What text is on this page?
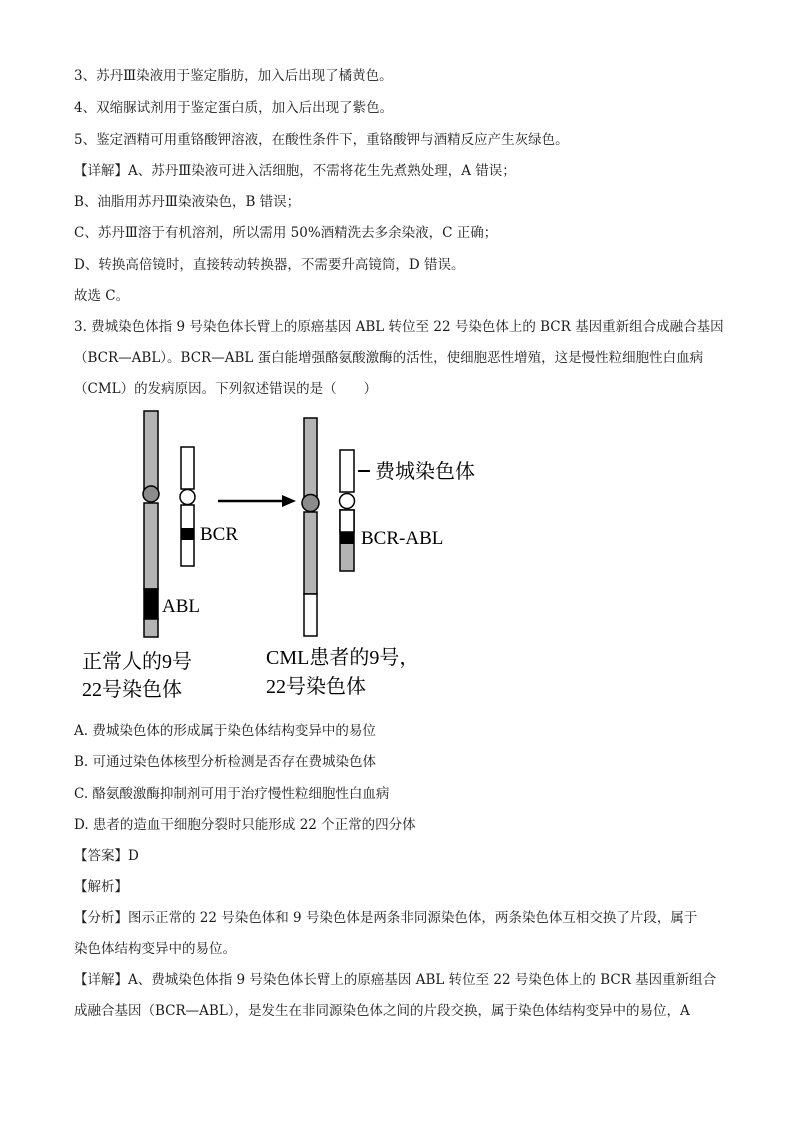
3、苏丹Ⅲ染液用于鉴定脂肪，加入后出现了橘黄色。
4、双缩脲试剂用于鉴定蛋白质，加入后出现了紫色。
5、鉴定酒精可用重铬酸钾溶液，在酸性条件下，重铬酸钾与酒精反应产生灰绿色。
【详解】A、苏丹Ⅲ染液可进入活细胞，不需将花生先煮熟处理，A 错误；
B、油脂用苏丹Ⅲ染液染色，B 错误；
C、苏丹Ⅲ溶于有机溶剂，所以需用 50%酒精洗去多余染液，C 正确；
D、转换高倍镜时，直接转动转换器，不需要升高镜筒，D 错误。
故选 C。
3. 费城染色体指 9 号染色体长臂上的原癌基因 ABL 转位至 22 号染色体上的 BCR 基因重新组合成融合基因
（BCR—ABL）。BCR—ABL 蛋白能增强酪氨酸激酶的活性，使细胞恶性增殖，这是慢性粒细胞性白血病
（CML）的发病原因。下列叙述错误的是（　　）
BCR
ABL
费城染色体
BCR-ABL
正常人的9号
22号染色体
CML患者的9号，
22号染色体
A. 费城染色体的形成属于染色体结构变异中的易位
B. 可通过染色体核型分析检测是否存在费城染色体
C. 酪氨酸激酶抑制剂可用于治疗慢性粒细胞性白血病
D. 患者的造血干细胞分裂时只能形成 22 个正常的四分体
【答案】D
【解析】
【分析】图示正常的 22 号染色体和 9 号染色体是两条非同源染色体，两条染色体互相交换了片段，属于
染色体结构变异中的易位。
【详解】A、费城染色体指 9 号染色体长臂上的原癌基因 ABL 转位至 22 号染色体上的 BCR 基因重新组合
成融合基因（BCR—ABL），是发生在非同源染色体之间的片段交换，属于染色体结构变异中的易位，A
